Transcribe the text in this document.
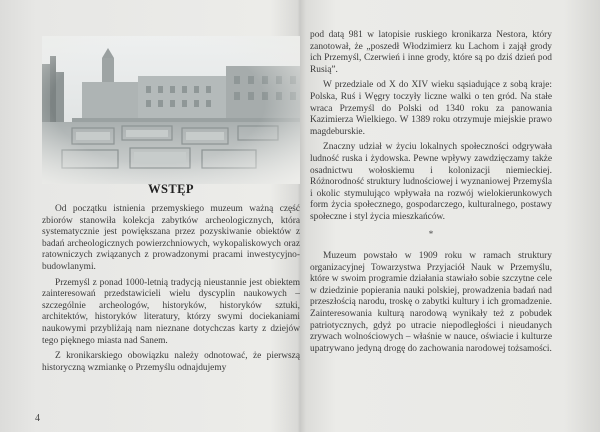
WSTĘP

Od początku istnienia przemyskiego muzeum ważną część zbiorów stanowiła kolekcja zabytków archeologicznych, która systematycznie jest powiększana przez pozyskiwanie obiektów z badań archeologicznych powierzchniowych, wykopaliskowych oraz ratowniczych związanych z prowadzonymi pracami inwestycyjno-budowlanymi.

Przemyśl z ponad 1000-letnią tradycją nieustannie jest obiektem zainteresowań przedstawicieli wielu dyscyplin naukowych – szczególnie archeologów, historyków, historyków sztuki, architektów, historyków literatury, którzy swymi dociekaniami naukowymi przybliżają nam nieznane dotychczas karty z dziejów tego pięknego miasta nad Sanem.

Z kronikarskiego obowiązku należy odnotować, że pierwszą historyczną wzmiankę o Przemyślu odnajdujemy

4

pod datą 981 w latopisie ruskiego kronikarza Nestora, który zanotował, że „poszedł Włodzimierz ku Lachom i zajął grody ich Przemyśl, Czerwień i inne grody, które są po dziś dzień pod Rusią”.

W przedziale od X do XIV wieku sąsiadujące z sobą kraje: Polska, Ruś i Węgry toczyły liczne walki o ten gród. Na stałe wraca Przemyśl do Polski od 1340 roku za panowania Kazimierza Wielkiego. W 1389 roku otrzymuje miejskie prawo magdeburskie.

Znaczny udział w życiu lokalnych społeczności odgrywała ludność ruska i żydowska. Pewne wpływy zawdzięczamy także osadnictwu wołoskiemu i kolonizacji niemieckiej. Różnorodność struktury ludnościowej i wyznaniowej Przemyśla i okolic stymulująco wpływała na rozwój wielokierunkowych form życia społecznego, gospodarczego, kulturalnego, postawy społeczne i styl życia mieszkańców.

*

Muzeum powstało w 1909 roku w ramach struktury organizacyjnej Towarzystwa Przyjaciół Nauk w Przemyślu, które w swoim programie działania stawiało sobie szczytne cele w dziedzinie popierania nauki polskiej, prowadzenia badań nad przeszłością narodu, troskę o zabytki kultury i ich gromadzenie. Zainteresowania kulturą narodową wynikały też z pobudek patriotycznych, gdyż po utracie niepodległości i nieudanych zrywach wolnościowych – właśnie w nauce, oświacie i kulturze upatrywano jedyną drogę do zachowania narodowej tożsamości.
